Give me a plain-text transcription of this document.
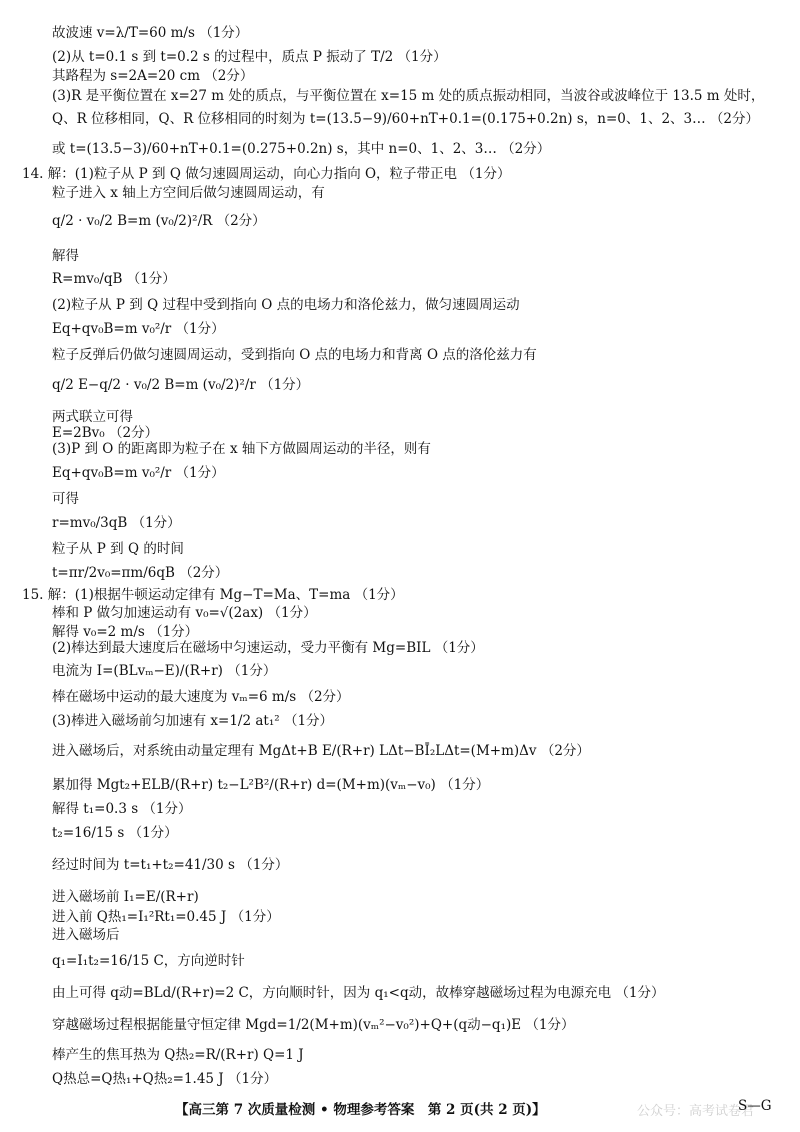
故波速 v=λ/T=60 m/s （1分）
(2)从 t=0.1 s 到 t=0.2 s 的过程中，质点 P 振动了 T/2 （1分）
其路程为 s=2A=20 cm （2分）
(3)R 是平衡位置在 x=27 m 处的质点，与平衡位置在 x=15 m 处的质点振动相同，当波谷或波峰位于 13.5 m 处时，
Q、R 位移相同，Q、R 位移相同的时刻为 t=(13.5−9)/60+nT+0.1=(0.175+0.2n) s，n=0、1、2、3… （2分）
或 t=(13.5−3)/60+nT+0.1=(0.275+0.2n) s，其中 n=0、1、2、3… （2分）
14. 解：(1)粒子从 P 到 Q 做匀速圆周运动，向心力指向 O，粒子带正电 （1分）
粒子进入 x 轴上方空间后做匀速圆周运动，有
q/2 · v₀/2 B=m (v₀/2)²/R （2分）
解得
R=mv₀/qB （1分）
(2)粒子从 P 到 Q 过程中受到指向 O 点的电场力和洛伦兹力，做匀速圆周运动
Eq+qv₀B=m v₀²/r （1分）
粒子反弹后仍做匀速圆周运动，受到指向 O 点的电场力和背离 O 点的洛伦兹力有
q/2 E−q/2 · v₀/2 B=m (v₀/2)²/r （1分）
两式联立可得
E=2Bv₀ （2分）
(3)P 到 O 的距离即为粒子在 x 轴下方做圆周运动的半径，则有
Eq+qv₀B=m v₀²/r （1分）
可得
r=mv₀/3qB （1分）
粒子从 P 到 Q 的时间
t=πr/2v₀=πm/6qB （2分）
15. 解：(1)根据牛顿运动定律有 Mg−T=Ma、T=ma （1分）
棒和 P 做匀加速运动有 v₀=√(2ax) （1分）
解得 v₀=2 m/s （1分）
(2)棒达到最大速度后在磁场中匀速运动，受力平衡有 Mg=BIL （1分）
电流为 I=(BLvₘ−E)/(R+r) （1分）
棒在磁场中运动的最大速度为 vₘ=6 m/s （2分）
(3)棒进入磁场前匀加速有 x=1/2 at₁² （1分）
进入磁场后，对系统由动量定理有 MgΔt+B E/(R+r) LΔt−BĪ₂LΔt=(M+m)Δv （2分）
累加得 Mgt₂+ELB/(R+r) t₂−L²B²/(R+r) d=(M+m)(vₘ−v₀) （1分）
解得 t₁=0.3 s （1分）
t₂=16/15 s （1分）
经过时间为 t=t₁+t₂=41/30 s （1分）
进入磁场前 I₁=E/(R+r)
进入前 Q热₁=I₁²Rt₁=0.45 J （1分）
进入磁场后
q₁=I₁t₂=16/15 C，方向逆时针
由上可得 q动=BLd/(R+r)=2 C，方向顺时针，因为 q₁<q动，故棒穿越磁场过程为电源充电 （1分）
穿越磁场过程根据能量守恒定律 Mgd=1/2(M+m)(vₘ²−v₀²)+Q+(q动−q₁)E （1分）
棒产生的焦耳热为 Q热₂=R/(R+r) Q=1 J
Q热总=Q热₁+Q热₂=1.45 J （1分）
公众号：高考试卷君
【高三第 7 次质量检测 • 物理参考答案　第 2 页(共 2 页)】	S—G
